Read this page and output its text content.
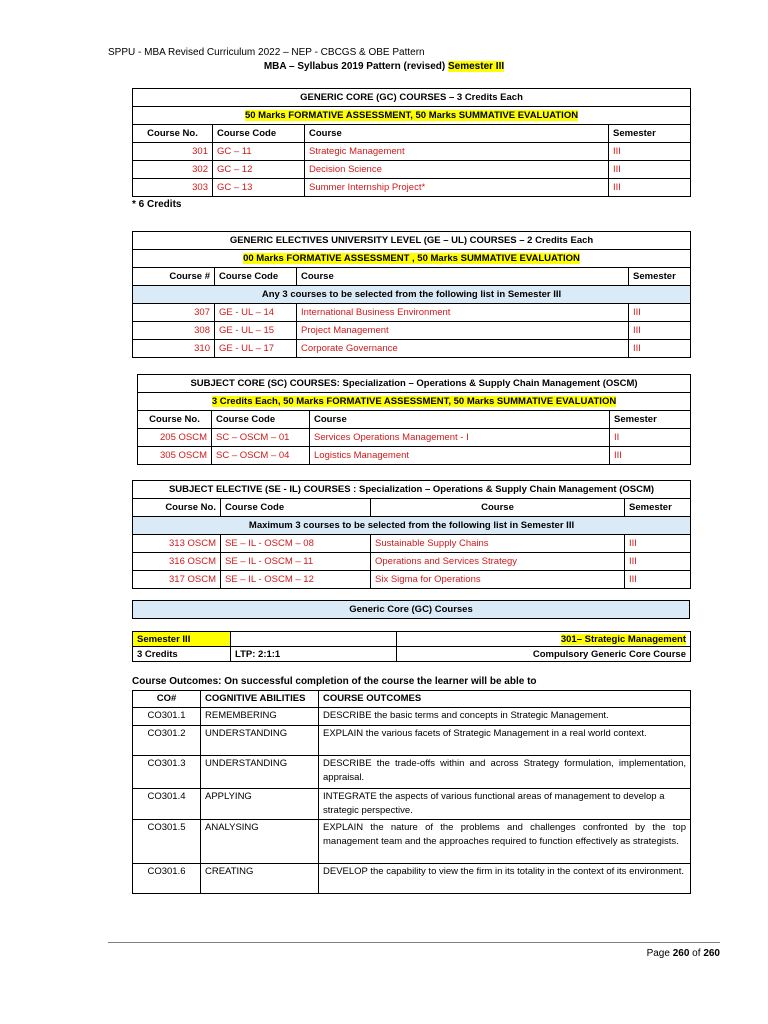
SPPU - MBA Revised Curriculum 2022 – NEP - CBCGS & OBE Pattern
MBA – Syllabus 2019 Pattern (revised) Semester III
GENERIC CORE (GC) COURSES – 3 Credits Each			
50 Marks FORMATIVE ASSESSMENT, 50 Marks SUMMATIVE EVALUATION			
Course No.	Course Code	Course	Semester
301	GC – 11	Strategic Management	III
302	GC – 12	Decision Science	III
303	GC – 13	Summer Internship Project*	III
* 6 Credits
GENERIC ELECTIVES UNIVERSITY LEVEL (GE – UL) COURSES – 2 Credits Each			
00 Marks FORMATIVE ASSESSMENT , 50 Marks SUMMATIVE EVALUATION			
Course #	Course Code	Course	Semester
Any 3 courses to be selected from the following list in Semester III			
307	GE - UL – 14	International Business Environment	III
308	GE - UL – 15	Project Management	III
310	GE - UL – 17	Corporate Governance	III
SUBJECT CORE (SC) COURSES: Specialization – Operations & Supply Chain Management (OSCM)			
3 Credits Each, 50 Marks FORMATIVE ASSESSMENT, 50 Marks SUMMATIVE EVALUATION			
Course No.	Course Code	Course	Semester
205 OSCM	SC – OSCM – 01	Services Operations Management - I	II
305 OSCM	SC – OSCM – 04	Logistics Management	III
SUBJECT ELECTIVE (SE - IL) COURSES : Specialization – Operations & Supply Chain Management (OSCM)			
Course No.	Course Code	Course	Semester
Maximum 3 courses to be selected from the following list in Semester III			
313 OSCM	SE – IL - OSCM – 08	Sustainable Supply Chains	III
316 OSCM	SE – IL - OSCM – 11	Operations and Services Strategy	III
317 OSCM	SE – IL - OSCM – 12	Six Sigma for Operations	III
Generic Core (GC) Courses
Semester III		301– Strategic Management
3 Credits	LTP: 2:1:1	Compulsory Generic Core Course
Course Outcomes: On successful completion of the course the learner will be able to
CO#	COGNITIVE ABILITIES	COURSE OUTCOMES
CO301.1	REMEMBERING	DESCRIBE the basic terms and concepts in Strategic Management.
CO301.2	UNDERSTANDING	EXPLAIN the various facets of Strategic Management in a real world context.
CO301.3	UNDERSTANDING	DESCRIBE the trade-offs within and across Strategy formulation, implementation, appraisal.
CO301.4	APPLYING	INTEGRATE the aspects of various functional areas of management to develop a strategic perspective.
CO301.5	ANALYSING	EXPLAIN the nature of the problems and challenges confronted by the top management team and the approaches required to function effectively as strategists.
CO301.6	CREATING	DEVELOP the capability to view the firm in its totality in the context of its environment.
Page 260 of 260
